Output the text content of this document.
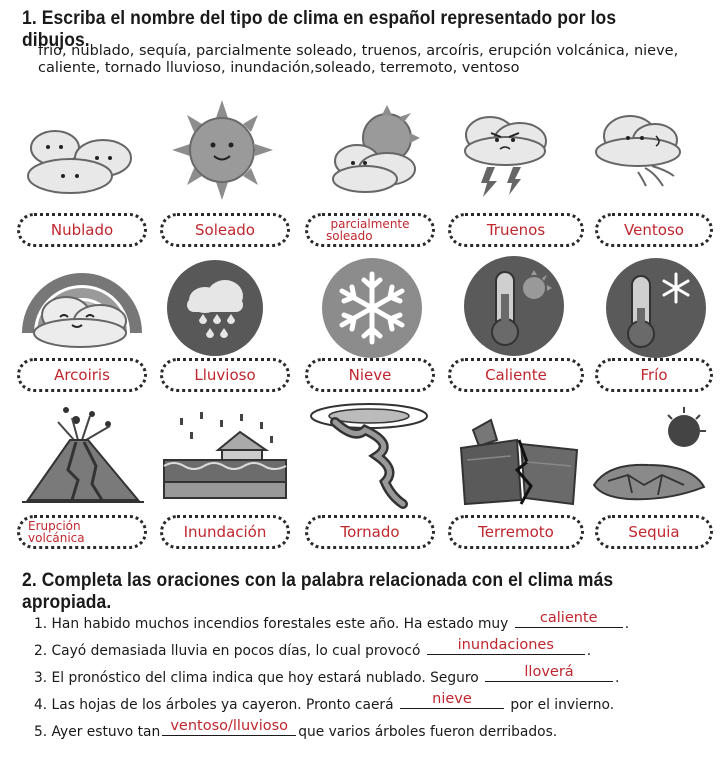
1. Escriba el nombre del tipo de clima en español representado por los dibujos.
frío, nublado, sequía, parcialmente soleado, truenos, arcoíris, erupción volcánica, nieve, caliente, tornado lluvioso, inundación,soleado, terremoto, ventoso
Nublado	Soleado	parcialmente
soleado	Truenos	Ventoso
Arcoiris	Lluvioso	Nieve	Caliente	Frío
Erupción
volcánica	Inundación	Tornado	Terremoto	Sequia
2. Completa las oraciones con la palabra relacionada con el clima más apropiada.
1. Han habido muchos incendios forestales este año. Ha estado muy	caliente	.
2. Cayó demasiada lluvia en pocos días, lo cual provocó	inundaciones	.
3. El pronóstico del clima indica que hoy estará nublado. Seguro	lloverá	.
4. Las hojas de los árboles ya cayeron. Pronto caerá	nieve	por el invierno.
5. Ayer estuvo tan ventoso/lluvioso que varios árboles fueron derribados.
